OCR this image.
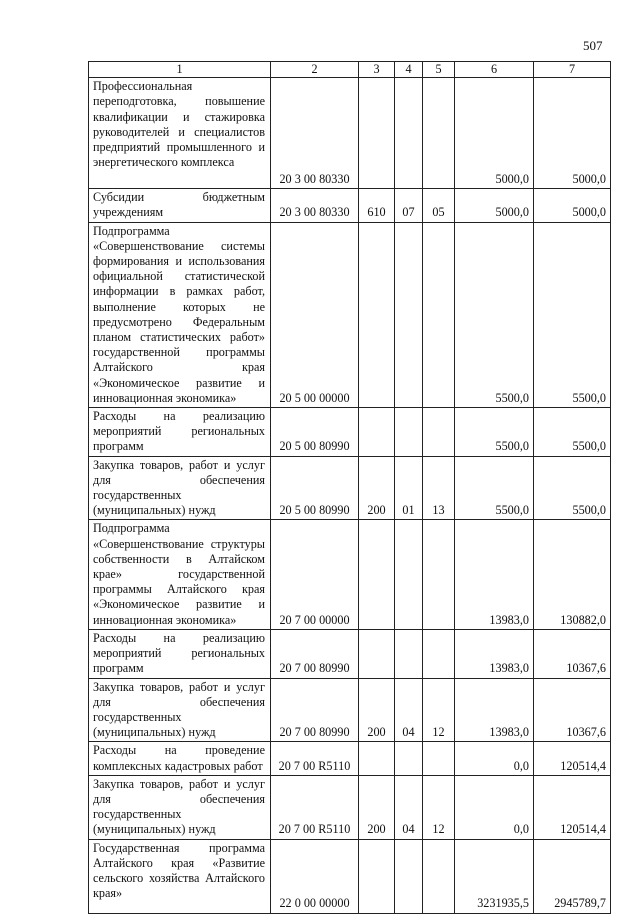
507
1	2	3	4	5	6	7
Профессиональная переподготовка, повышение квалификации и стажировка руководителей и специалистов предприятий промышленного и энергетического комплекса	20 3 00 80330				5000,0	5000,0
Субсидии бюджетным учреждениям	20 3 00 80330	610	07	05	5000,0	5000,0
Подпрограмма «Совершенствование системы формирования и использования официальной статистической информации в рамках работ, выполнение которых не предусмотрено Федеральным планом статистических работ» государственной программы Алтайского края «Экономическое развитие и инновационная экономика»	20 5 00 00000				5500,0	5500,0
Расходы на реализацию мероприятий региональных программ	20 5 00 80990				5500,0	5500,0
Закупка товаров, работ и услуг для обеспечения государственных (муниципальных) нужд	20 5 00 80990	200	01	13	5500,0	5500,0
Подпрограмма «Совершенствование структуры собственности в Алтайском крае» государственной программы Алтайского края «Экономическое развитие и инновационная экономика»	20 7 00 00000				13983,0	130882,0
Расходы на реализацию мероприятий региональных программ	20 7 00 80990				13983,0	10367,6
Закупка товаров, работ и услуг для обеспечения государственных (муниципальных) нужд	20 7 00 80990	200	04	12	13983,0	10367,6
Расходы на проведение комплексных кадастровых работ	20 7 00 R5110				0,0	120514,4
Закупка товаров, работ и услуг для обеспечения государственных (муниципальных) нужд	20 7 00 R5110	200	04	12	0,0	120514,4
Государственная программа Алтайского края «Развитие сельского хозяйства Алтайского края»	22 0 00 00000				3231935,5	2945789,7
